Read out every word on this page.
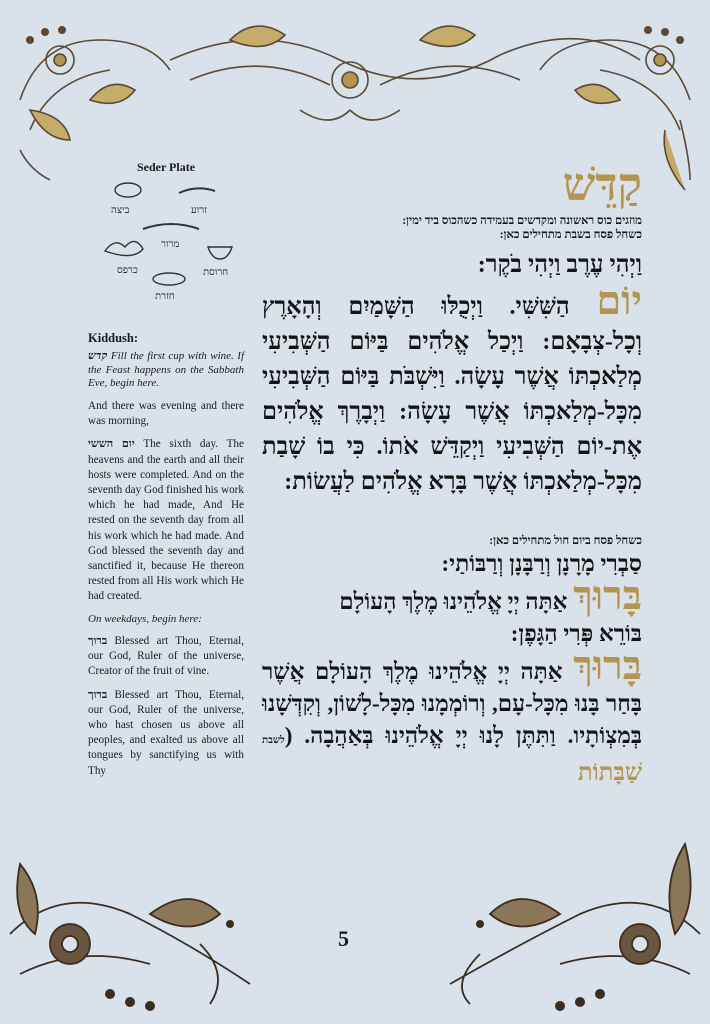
Seder Plate
ביצה	זרוע
מרור
כרפס	חרוסת
חזרת
Kiddush:
קדש Fill the first cup with wine. If the Feast happens on the Sabbath Eve, begin here.
And there was evening and there was morning,
יום הששי The sixth day. The heavens and the earth and all their hosts were completed. And on the seventh day God finished his work which he had made, And He rested on the seventh day from all his work which he had made. And God blessed the seventh day and sanctified it, because He thereon rested from all His work which He had created.
On weekdays, begin here:
ברוך Blessed art Thou, Eternal, our God, Ruler of the universe, Creator of the fruit of vine.
ברוך Blessed art Thou, Eternal, our God, Ruler of the universe, who hast chosen us above all peoples, and exalted us above all tongues by sanctifying us with Thy
קַדֵּשׁ
מוזגים כוס ראשונה ומקדשים בעמידה כשהכוס ביד ימין:
כשחל פסח בשבת מתחילים כאן:
וַיְהִי עֶרֶב וַיְהִי בֹקֶר:
יוֹם הַשִּׁשִּׁי. וַיְכֻלּוּ הַשָּׁמַיִם וְהָאָרֶץ וְכָל-צְבָאָם: וַיְכַל אֱלֹהִים בַּיּוֹם הַשְּׁבִיעִי מְלַאכְתּוֹ אֲשֶׁר עָשָׂה. וַיִּשְׁבֹּת בַּיּוֹם הַשְּׁבִיעִי מִכָּל-מְלַאכְתּוֹ אֲשֶׁר עָשָׂה: וַיְבָרֶךְ אֱלֹהִים אֶת-יוֹם הַשְּׁבִיעִי וַיְקַדֵּשׁ אֹתוֹ. כִּי בוֹ שָׁבַת מִכָּל-מְלַאכְתּוֹ אֲשֶׁר בָּרָא אֱלֹהִים לַעֲשׂוֹת:
כשחל פסח ביום חול מתחילים כאן:
סַבְרִי מָרָנָן וְרַבָּנָן וְרַבּוֹתַי:
בָּרוּךְ אַתָּה יְיָ אֱלֹהֵינוּ מֶלֶךְ הָעוֹלָם
בּוֹרֵא פְּרִי הַגָּפֶן:
בָּרוּךְ אַתָּה יְיָ אֱלֹהֵינוּ מֶלֶךְ הָעוֹלָם אֲשֶׁר בָּחַר בָּנוּ מִכָּל-עָם, וְרוֹמְמָנוּ מִכָּל-לָשׁוֹן, וְקִדְּשָׁנוּ בְּמִצְוֹתָיו. וַתִּתֶּן לָנוּ יְיָ אֱלֹהֵינוּ בְּאַהֲבָה. (לשבת שַׁבָּתוֹת
5
